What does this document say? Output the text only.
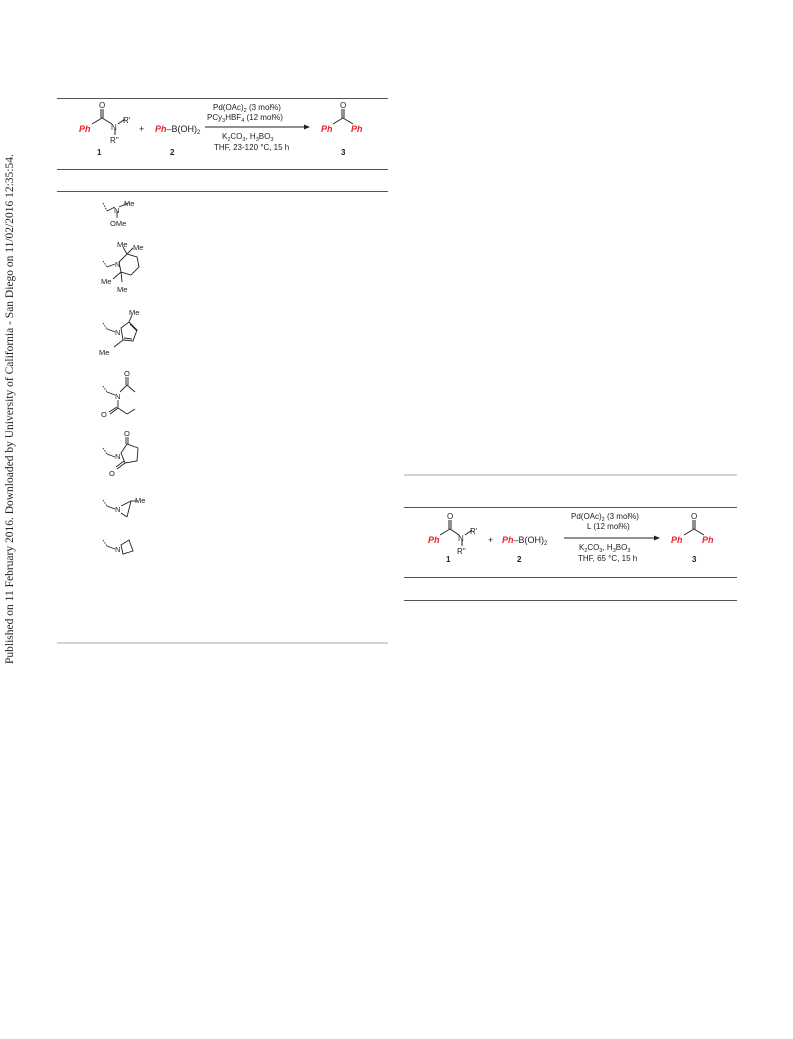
Published on 11 February 2016. Downloaded by University of California - San Diego on 11/02/2016 12:35:54.
O
Ph	N
R'
R''
1
+ $Ph-B(OH)_2$
2
$Pd(OAc)_2$ (3 mol%)
$PCy_3HBF_4$ (12 mol%)
$K_2CO_3$, $H_3BO_3$
THF, 23-120 °C, 15 h
O
Ph Ph
3
Me
N
OMe
Me Me
N
Me
Me
Me
N
Me
O
N
O
O
N
O
N
Me
N
O
Ph N
R'
R''
1
+ $Ph-B(OH)_2$
2
$Pd(OAc)_2$ (3 mol%)
L (12 mol%)
$K_2CO_3$, $H_3BO_3$
THF, 65 °C, 15 h
O
Ph Ph
3
